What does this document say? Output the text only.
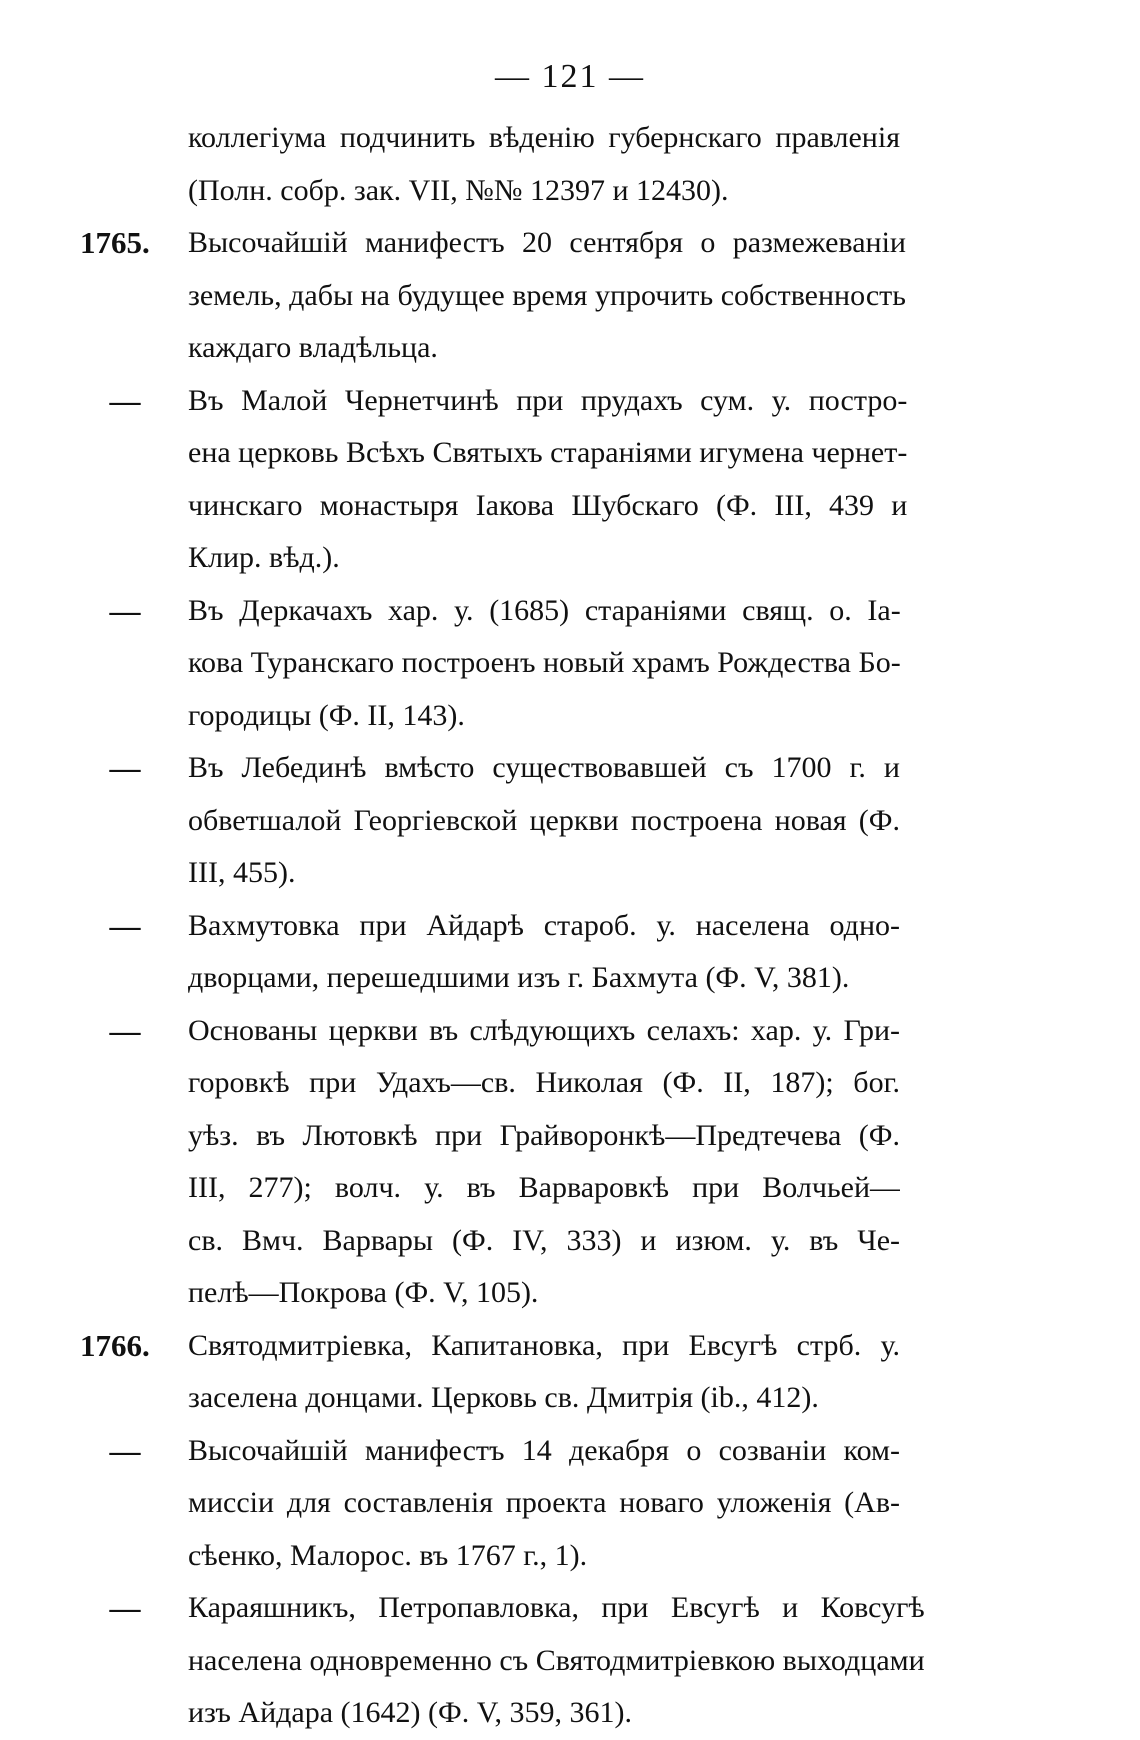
— 121 —
коллегіума подчинить вѣденію губернскаго правленія
(Полн. собр. зак. VII, №№ 12397 и 12430).
1765.	Высочайшій манифестъ 20 сентября о размежеваніи
земель, дабы на будущее время упрочить собственность
каждаго владѣльца.
—	Въ Малой Чернетчинѣ при прудахъ сум. у. постро-
ена церковь Всѣхъ Святыхъ стараніями игумена чернет-
чинскаго монастыря Іакова Шубскаго (Ф. III, 439 и
Клир. вѣд.).
—	Въ Деркачахъ хар. у. (1685) стараніями свящ. о. Іа-
кова Туранскаго построенъ новый храмъ Рождества Бо-
городицы (Ф. II, 143).
—	Въ Лебединѣ вмѣсто существовавшей съ 1700 г. и
обветшалой Георгіевской церкви построена новая (Ф.
III, 455).
—	Вахмутовка при Айдарѣ староб. у. населена одно-
дворцами, перешедшими изъ г. Бахмута (Ф. V, 381).
—	Основаны церкви въ слѣдующихъ селахъ: хар. у. Гри-
горовкѣ при Удахъ—св. Николая (Ф. II, 187); бог.
уѣз. въ Лютовкѣ при Грайворонкѣ—Предтечева (Ф.
III, 277); волч. у. въ Варваровкѣ при Волчьей—
св. Вмч. Варвары (Ф. IV, 333) и изюм. у. въ Че-
пелѣ—Покрова (Ф. V, 105).
1766.	Святодмитріевка, Капитановка, при Евсугѣ стрб. у.
заселена донцами. Церковь св. Дмитрія (ib., 412).
—	Высочайшій манифестъ 14 декабря о созваніи ком-
миссіи для составленія проекта новаго уложенія (Ав-
сѣенко, Малорос. въ 1767 г., 1).
—	Караяшникъ, Петропавловка, при Евсугѣ и Ковсугѣ
населена одновременно съ Святодмитріевкою выходцами
изъ Айдара (1642) (Ф. V, 359, 361).
